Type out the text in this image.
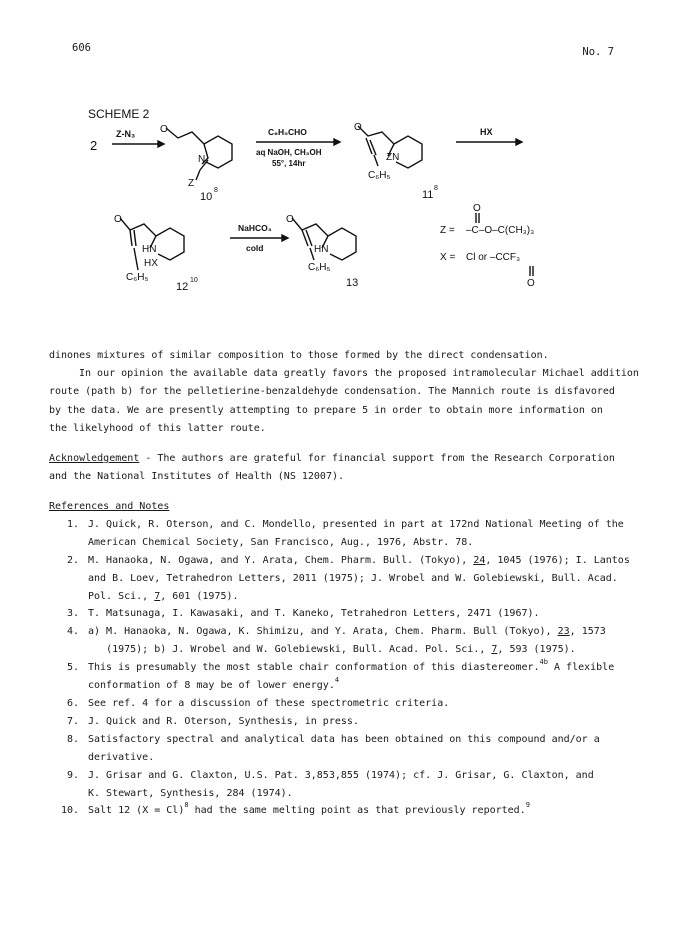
606	No. 7
SCHEME 2
2
Z-N₃ O
N
Z
10
8
C₆H₅CHO
aq NaOH, CH₃OH
55°, 14hr
O
ZN
C₆H₅
11
8
HX
O
HN
HX
C₆H₅
12
10
NaHCO₃
cold
O
HN
C₆H₅
13
O
Z = –C–O–C(CH₃)₃
X = Cl or –CCF₃
O

dinones mixtures of similar composition to those formed by the direct condensation.

In our opinion the available data greatly favors the proposed intramolecular Michael addition
route (path b) for the pelletierine-benzaldehyde condensation. The Mannich route is disfavored
by the data. We are presently attempting to prepare 5 in order to obtain more information on
the likelyhood of this latter route.

Acknowledgement - The authors are grateful for financial support from the Research Corporation
and the National Institutes of Health (NS 12007).
References and Notes
1. J. Quick, R. Oterson, and C. Mondello, presented in part at 172nd National Meeting of the
American Chemical Society, San Francisco, Aug., 1976, Abstr. 78.
2. M. Hanaoka, N. Ogawa, and Y. Arata, Chem. Pharm. Bull. (Tokyo), 24, 1045 (1976); I. Lantos
and B. Loev, Tetrahedron Letters, 2011 (1975); J. Wrobel and W. Golebiewski, Bull. Acad.
Pol. Sci., 7, 601 (1975).
3. T. Matsunaga, I. Kawasaki, and T. Kaneko, Tetrahedron Letters, 2471 (1967).
4. a) M. Hanaoka, N. Ogawa, K. Shimizu, and Y. Arata, Chem. Pharm. Bull (Tokyo), 23, 1573
(1975); b) J. Wrobel and W. Golebiewski, Bull. Acad. Pol. Sci., 7, 593 (1975).
5. This is presumably the most stable chair conformation of this diastereomer.$^{4b}$ A flexible
conformation of 8 may be of lower energy.$^4$
6. See ref. 4 for a discussion of these spectrometric criteria.
7. J. Quick and R. Oterson, Synthesis, in press.
8. Satisfactory spectral and analytical data has been obtained on this compound and/or a
derivative.
9. J. Grisar and G. Claxton, U.S. Pat. 3,853,855 (1974); cf. J. Grisar, G. Claxton, and
K. Stewart, Synthesis, 284 (1974).
10. Salt 12 (X = Cl)$^8$ had the same melting point as that previously reported.$^9$
